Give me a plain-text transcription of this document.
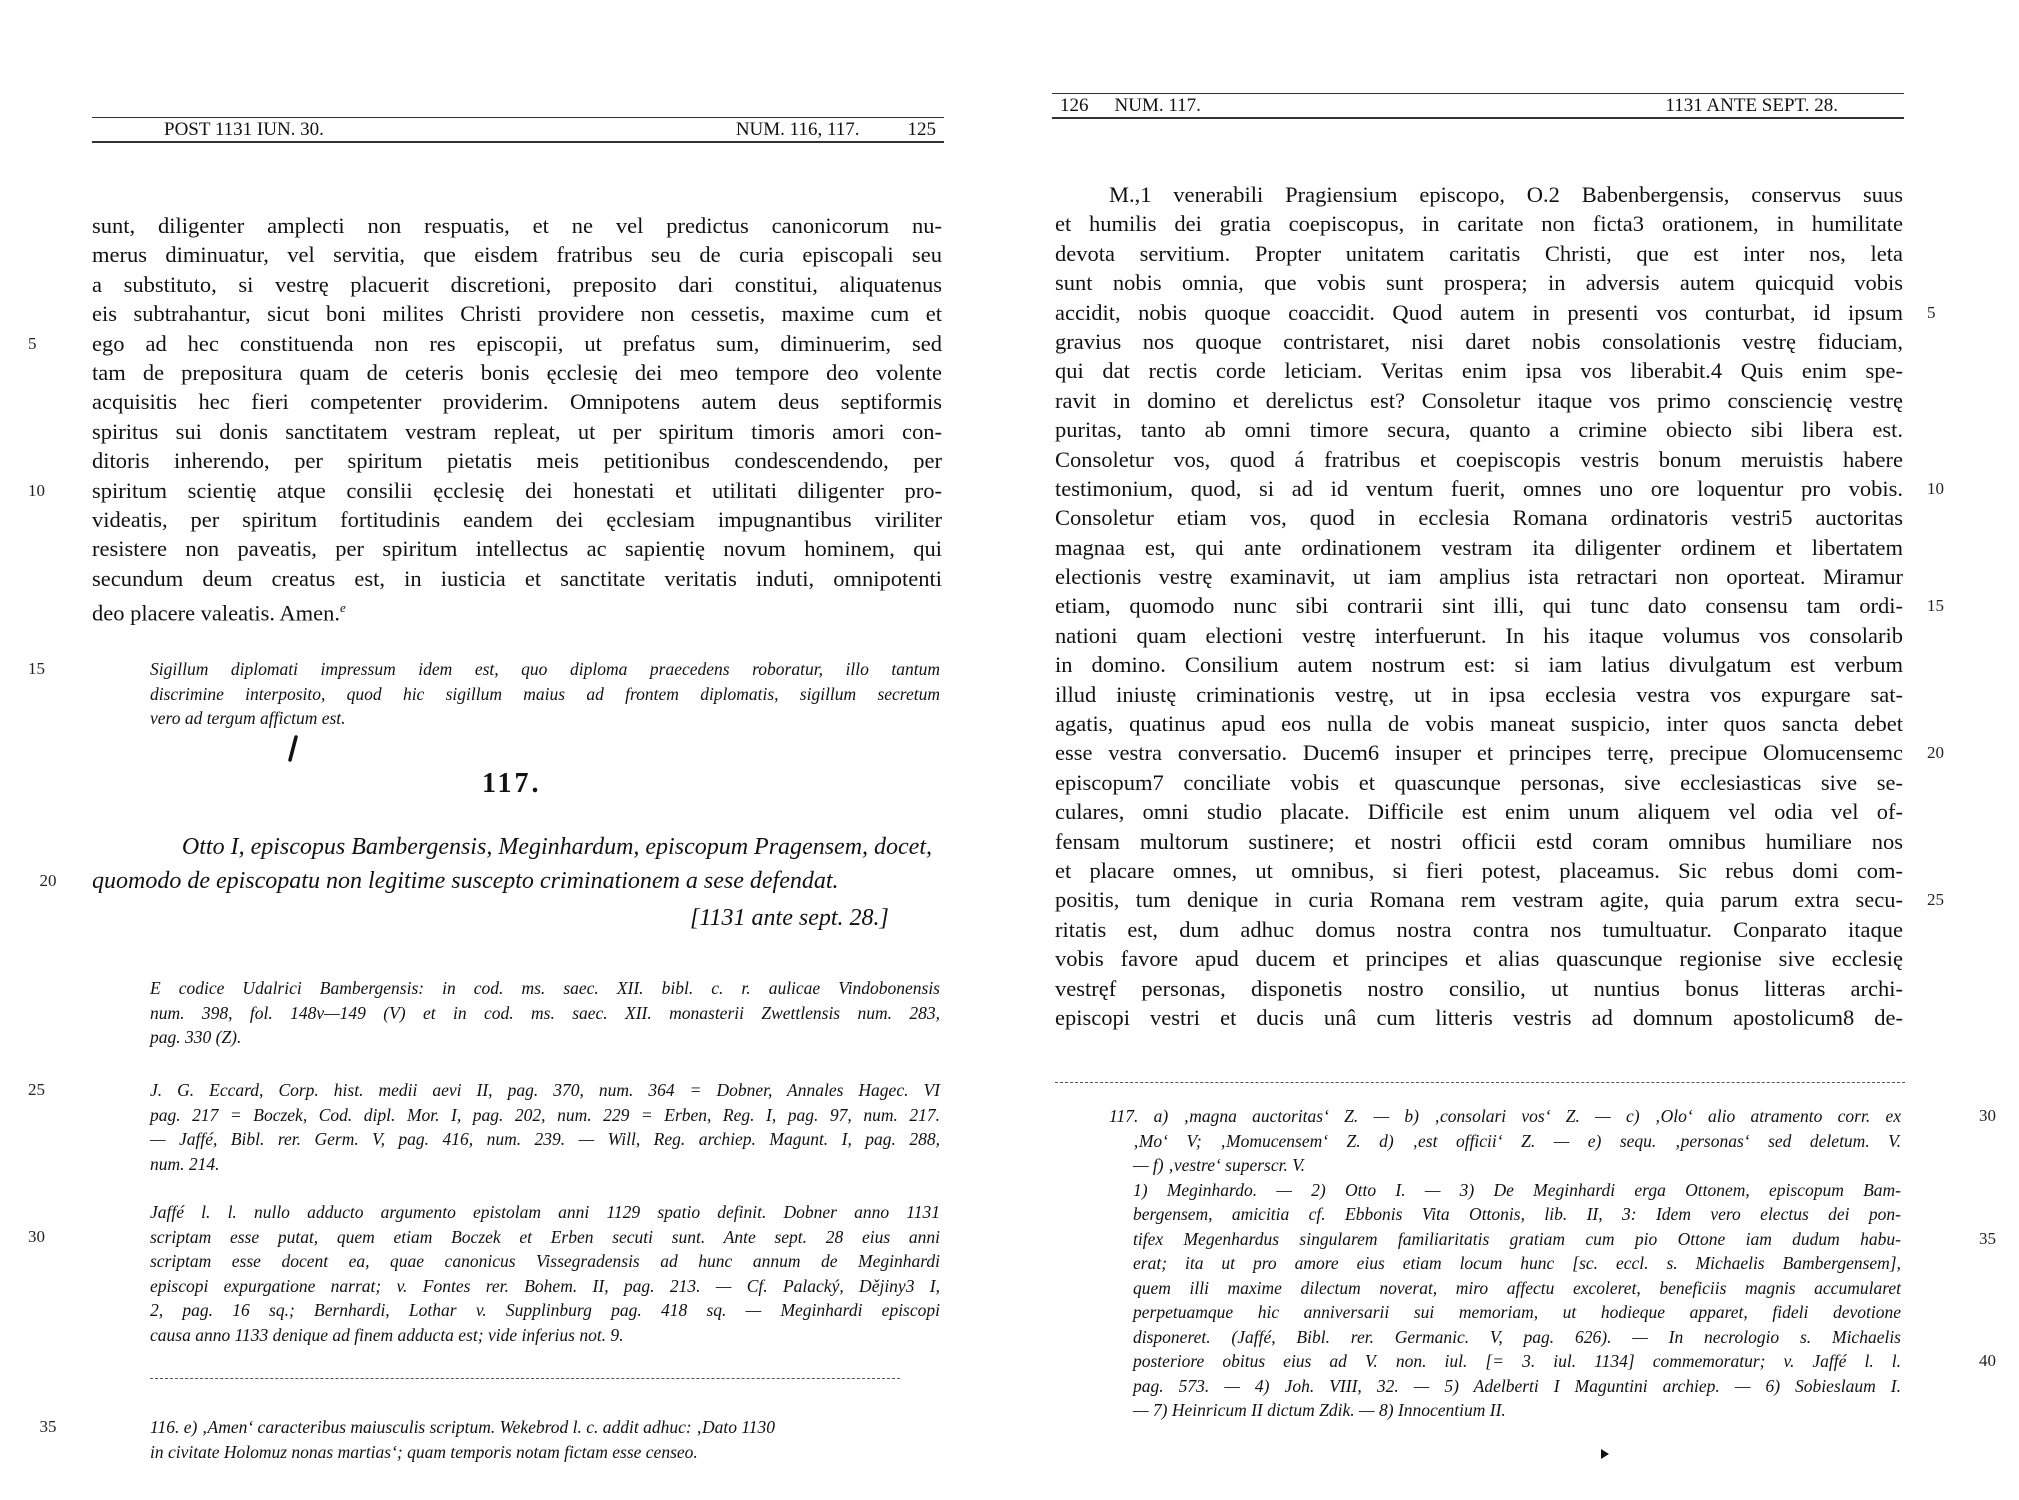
POST 1131 IUN. 30.	NUM. 116, 117.	125
sunt, diligenter amplecti non respuatis, et ne vel predictus canonicorum nu-
merus diminuatur, vel servitia, que eisdem fratribus seu de curia episcopali seu
a substituto, si vestrę placuerit discretioni, preposito dari constitui, aliquatenus
eis subtrahantur, sicut boni milites Christi providere non cessetis, maxime cum et
5	ego ad hec constituenda non res episcopii, ut prefatus sum, diminuerim, sed
tam de prepositura quam de ceteris bonis ęcclesię dei meo tempore deo volente
acquisitis hec fieri competenter providerim. Omnipotens autem deus septiformis
spiritus sui donis sanctitatem vestram repleat, ut per spiritum timoris amori con-
ditoris inherendo, per spiritum pietatis meis petitionibus condescendendo, per
10	spiritum scientię atque consilii ęcclesię dei honestati et utilitati diligenter pro-
videatis, per spiritum fortitudinis eandem dei ęcclesiam impugnantibus viriliter
resistere non paveatis, per spiritum intellectus ac sapientię novum hominem, qui
secundum deum creatus est, in iusticia et sanctitate veritatis induti, omnipotenti
deo placere valeatis. Amen.$^e$
15	Sigillum diplomati impressum idem est, quo diploma praecedens roboratur, illo tantum
discrimine interposito, quod hic sigillum maius ad frontem diplomatis, sigillum secretum
vero ad tergum affictum est.
117.
Otto I, episcopus Bambergensis, Meginhardum, episcopum Pragensem, docet,
20	quomodo de episcopatu non legitime suscepto criminationem a sese defendat.
[1131 ante sept. 28.]
E codice Udalrici Bambergensis: in cod. ms. saec. XII. bibl. c. r. aulicae Vindobonensis
num. 398, fol. 148v—149 (V) et in cod. ms. saec. XII. monasterii Zwettlensis num. 283,
pag. 330 (Z).
25	J. G. Eccard, Corp. hist. medii aevi II, pag. 370, num. 364 = Dobner, Annales Hagec. VI
pag. 217 = Boczek, Cod. dipl. Mor. I, pag. 202, num. 229 = Erben, Reg. I, pag. 97, num. 217.
— Jaffé, Bibl. rer. Germ. V, pag. 416, num. 239. — Will, Reg. archiep. Magunt. I, pag. 288,
num. 214.
Jaffé l. l. nullo adducto argumento epistolam anni 1129 spatio definit. Dobner anno 1131
30	scriptam esse putat, quem etiam Boczek et Erben secuti sunt. Ante sept. 28 eius anni
scriptam esse docent ea, quae canonicus Vissegradensis ad hunc annum de Meginhardi
episcopi expurgatione narrat; v. Fontes rer. Bohem. II, pag. 213. — Cf. Palacký, Dějiny3 I,
2, pag. 16 sq.; Bernhardi, Lothar v. Supplinburg pag. 418 sq. — Meginhardi episcopi
causa anno 1133 denique ad finem adducta est; vide inferius not. 9.
35	116. e) ‚Amen‘ caracteribus maiusculis scriptum. Wekebrod l. c. addit adhuc: ‚Dato 1130
in civitate Holomuz nonas martias‘; quam temporis notam fictam esse censeo.
126 NUM. 117.	1131 ANTE SEPT. 28.
M.,1 venerabili Pragiensium episcopo, O.2 Babenbergensis, conservus suus
et humilis dei gratia coepiscopus, in caritate non ficta3 orationem, in humilitate
devota servitium. Propter unitatem caritatis Christi, que est inter nos, leta
sunt nobis omnia, que vobis sunt prospera; in adversis autem quicquid vobis
5
accidit, nobis quoque coaccidit. Quod autem in presenti vos conturbat, id ipsum
gravius nos quoque contristaret, nisi daret nobis consolationis vestrę fiduciam,
qui dat rectis corde leticiam. Veritas enim ipsa vos liberabit.4 Quis enim spe-
ravit in domino et derelictus est? Consoletur itaque vos primo consciencię vestrę
puritas, tanto ab omni timore secura, quanto a crimine obiecto sibi libera est.
Consoletur vos, quod á fratribus et coepiscopis vestris bonum meruistis habere
10
testimonium, quod, si ad id ventum fuerit, omnes uno ore loquentur pro vobis.
Consoletur etiam vos, quod in ecclesia Romana ordinatoris vestri5 auctoritas
magnaa est, qui ante ordinationem vestram ita diligenter ordinem et libertatem
electionis vestrę examinavit, ut iam amplius ista retractari non oporteat. Miramur
15
etiam, quomodo nunc sibi contrarii sint illi, qui tunc dato consensu tam ordi-
nationi quam electioni vestrę interfuerunt. In his itaque volumus vos consolarib
in domino. Consilium autem nostrum est: si iam latius divulgatum est verbum
illud iniustę criminationis vestrę, ut in ipsa ecclesia vestra vos expurgare sat-
agatis, quatinus apud eos nulla de vobis maneat suspicio, inter quos sancta debet
20
esse vestra conversatio. Ducem6 insuper et principes terrę, precipue Olomucensemc
episcopum7 conciliate vobis et quascunque personas, sive ecclesiasticas sive se-
culares, omni studio placate. Difficile est enim unum aliquem vel odia vel of-
fensam multorum sustinere; et nostri officii estd coram omnibus humiliare nos
et placare omnes, ut omnibus, si fieri potest, placeamus. Sic rebus domi com-
25
positis, tum denique in curia Romana rem vestram agite, quia parum extra secu-
ritatis est, dum adhuc domus nostra contra nos tumultuatur. Conparato itaque
vobis favore apud ducem et principes et alias quascunque regionise sive ecclesię
vestręf personas, disponetis nostro consilio, ut nuntius bonus litteras archi-
episcopi vestri et ducis unâ cum litteris vestris ad domnum apostolicum8 de-
30
117. a) ‚magna auctoritas‘ Z. — b) ‚consolari vos‘ Z. — c) ‚Olo‘ alio atramento corr. ex
‚Mo‘ V; ‚Momucensem‘ Z. d) ‚est officii‘ Z. — e) sequ. ‚personas‘ sed deletum. V.
— f) ‚vestre‘ superscr. V.
1) Meginhardo. — 2) Otto I. — 3) De Meginhardi erga Ottonem, episcopum Bam-
bergensem, amicitia cf. Ebbonis Vita Ottonis, lib. II, 3: Idem vero electus dei pon-
35
tifex Megenhardus singularem familiaritatis gratiam cum pio Ottone iam dudum habu-
erat; ita ut pro amore eius etiam locum hunc [sc. eccl. s. Michaelis Bambergensem],
quem illi maxime dilectum noverat, miro affectu excoleret, beneficiis magnis accumularet
perpetuamque hic anniversarii sui memoriam, ut hodieque apparet, fideli devotione
disponeret. (Jaffé, Bibl. rer. Germanic. V, pag. 626). — In necrologio s. Michaelis
40
posteriore obitus eius ad V. non. iul. [= 3. iul. 1134] commemoratur; v. Jaffé l. l.
pag. 573. — 4) Joh. VIII, 32. — 5) Adelberti I Maguntini archiep. — 6) Sobieslaum I.
— 7) Heinricum II dictum Zdik. — 8) Innocentium II.
